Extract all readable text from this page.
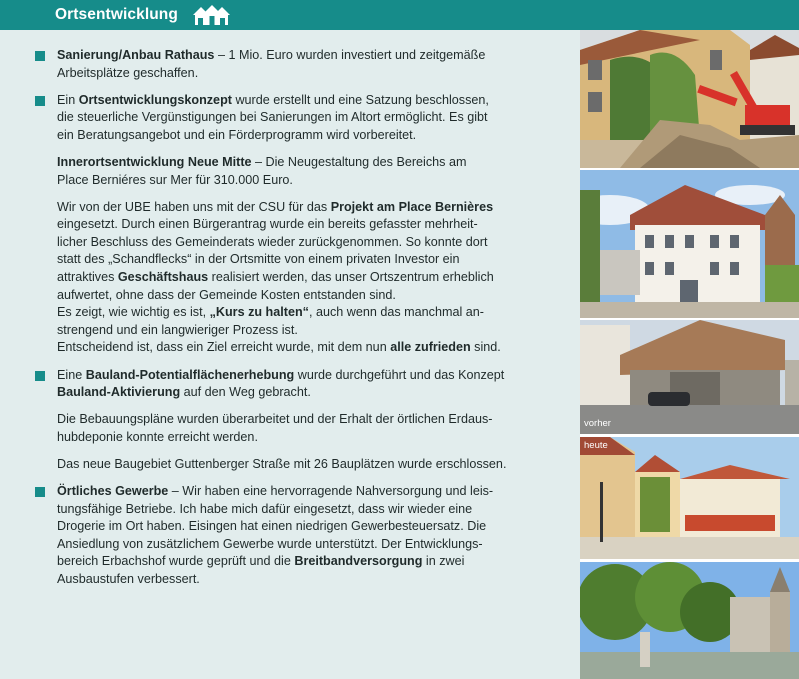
Ortsentwicklung

Sanierung/Anbau Rathaus – 1 Mio. Euro wurden investiert und zeitgemäße
Arbeitsplätze geschaffen.

Ein Ortsentwicklungskonzept wurde erstellt und eine Satzung beschlossen,
die steuerliche Vergünstigungen bei Sanierungen im Altort ermöglicht. Es gibt
ein Beratungsangebot und ein Förderprogramm wird vorbereitet.

Innerortsentwicklung Neue Mitte – Die Neugestaltung des Bereichs am
Place Berniéres sur Mer für 310.000 Euro.

Wir von der UBE haben uns mit der CSU für das Projekt am Place Bernières
eingesetzt. Durch einen Bürgerantrag wurde ein bereits gefasster mehrheit-
licher Beschluss des Gemeinderats wieder zurückgenommen. So konnte dort
statt des „Schandflecks“ in der Ortsmitte von einem privaten Investor ein
attraktives Geschäftshaus realisiert werden, das unser Ortszentrum erheblich
aufwertet, ohne dass der Gemeinde Kosten entstanden sind.
Es zeigt, wie wichtig es ist, „Kurs zu halten“, auch wenn das manchmal an-
strengend und ein langwieriger Prozess ist.
Entscheidend ist, dass ein Ziel erreicht wurde, mit dem nun alle zufrieden sind.

Eine Bauland-Potentialflächenerhebung wurde durchgeführt und das Konzept
Bauland-Aktivierung auf den Weg gebracht.

Die Bebauungspläne wurden überarbeitet und der Erhalt der örtlichen Erdaus-
hubdeponie konnte erreicht werden.

Das neue Baugebiet Guttenberger Straße mit 26 Bauplätzen wurde erschlossen.

Örtliches Gewerbe – Wir haben eine hervorragende Nahversorgung und leis-
tungsfähige Betriebe. Ich habe mich dafür eingesetzt, dass wir wieder eine
Drogerie im Ort haben. Eisingen hat einen niedrigen Gewerbesteuersatz. Die
Ansiedlung von zusätzlichem Gewerbe wurde unterstützt. Der Entwicklungs-
bereich Erbachshof wurde geprüft und die Breitbandversorgung in zwei
Ausbaustufen verbessert.

vorher
heute
